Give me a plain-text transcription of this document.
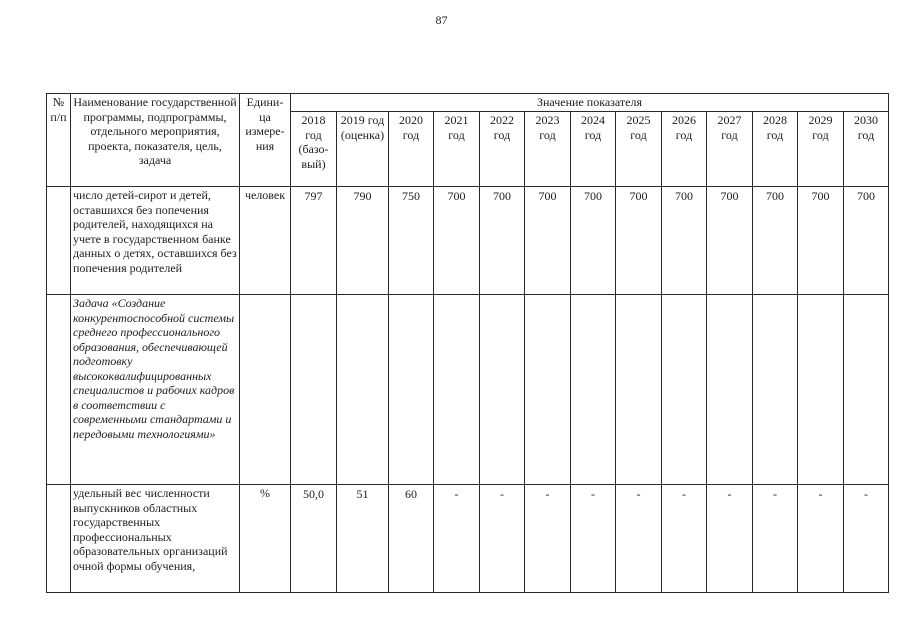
87
№ п/п	Наименование государственной программы, подпрограммы, отдельного мероприятия, проекта, показателя, цель, задача	Едини-ца измере-ния	Значение показателя												
			2018 год (базо-вый)	2019 год (оценка)	2020 год	2021 год	2022 год	2023 год	2024 год	2025 год	2026 год	2027 год	2028 год	2029 год	2030 год
	число детей-сирот и детей, оставшихся без попечения родителей, находящихся на учете в государственном банке данных о детях, оставшихся без попечения родителей	человек	797	790	750	700	700	700	700	700	700	700	700	700	700
	Задача «Создание конкурентоспособной системы среднего профессионального образования, обеспечивающей подготовку высококвалифицированных специалистов и рабочих кадров в соответствии с современными стандартами и передовыми технологиями»														
	удельный вес численности выпускников областных государственных профессиональных образовательных организаций очной формы обучения,	%	50,0	51	60	-	-	-	-	-	-	-	-	-	-
